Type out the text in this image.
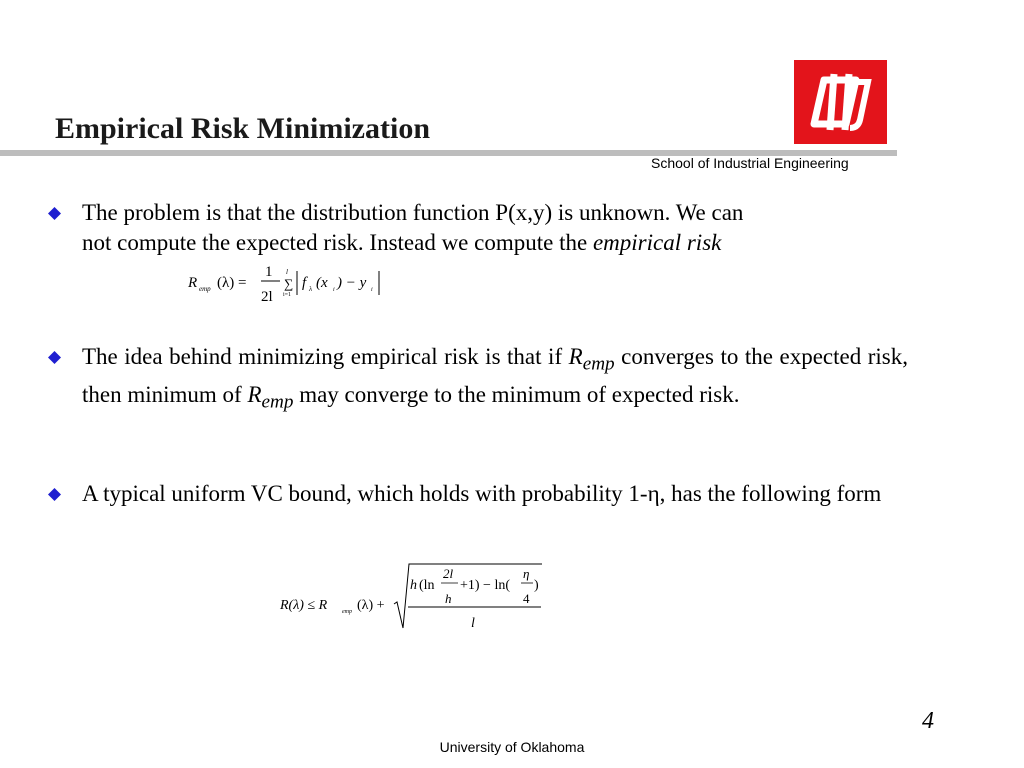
Empirical Risk Minimization
School of Industrial Engineering
The problem is that the distribution function P(x,y) is unknown. We can
not compute the expected risk. Instead we compute the empirical risk
R emp (λ) =
1
2l
l
∑
i=1
f λ (x i ) − y i
The idea behind minimizing empirical risk is that if $R_{emp}$ converges to the expected risk, then minimum of $R_{emp}$ may converge to the minimum of expected risk.
A typical uniform VC bound, which holds with probability 1-η, has the following form
R(λ) ≤ R emp (λ) +
h (ln
2l
h
+1) − ln(
η
4
)
l
4
University of Oklahoma
